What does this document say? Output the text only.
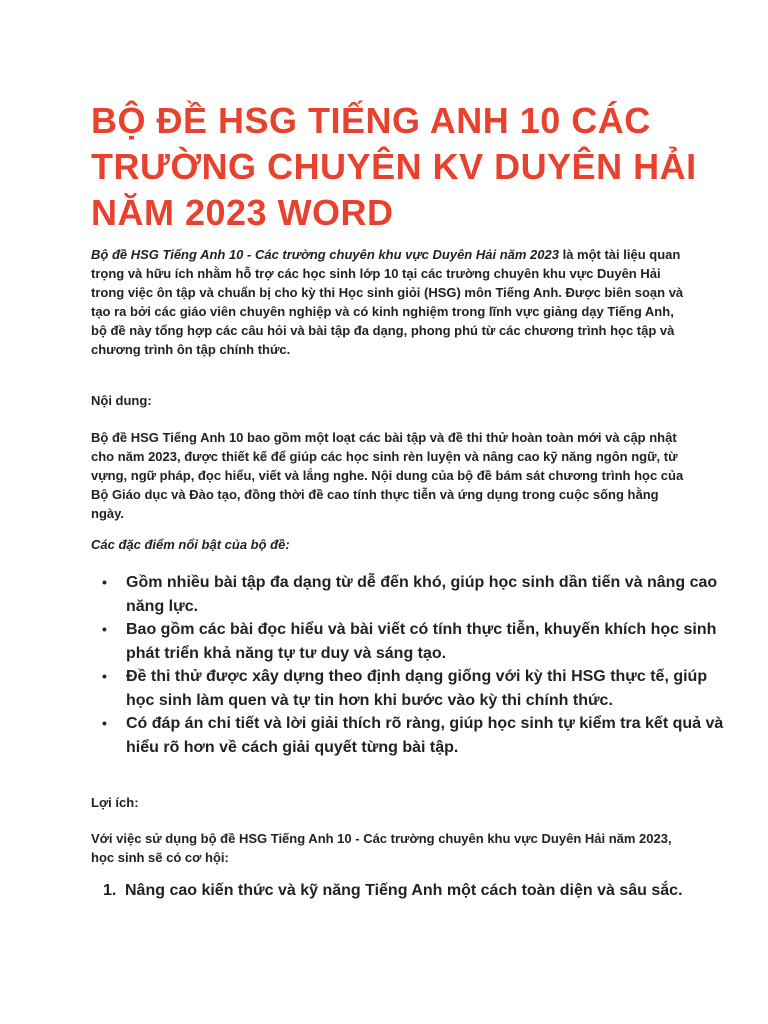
BỘ ĐỀ HSG TIẾNG ANH 10 CÁC TRƯỜNG CHUYÊN KV DUYÊN HẢI NĂM 2023 WORD

Bộ đề HSG Tiếng Anh 10 - Các trường chuyên khu vực Duyên Hải năm 2023 là một tài liệu quan trọng và hữu ích nhằm hỗ trợ các học sinh lớp 10 tại các trường chuyên khu vực Duyên Hải trong việc ôn tập và chuẩn bị cho kỳ thi Học sinh giỏi (HSG) môn Tiếng Anh. Được biên soạn và tạo ra bởi các giáo viên chuyên nghiệp và có kinh nghiệm trong lĩnh vực giảng dạy Tiếng Anh, bộ đề này tổng hợp các câu hỏi và bài tập đa dạng, phong phú từ các chương trình học tập và chương trình ôn tập chính thức.

Nội dung:

Bộ đề HSG Tiếng Anh 10 bao gồm một loạt các bài tập và đề thi thử hoàn toàn mới và cập nhật cho năm 2023, được thiết kế để giúp các học sinh rèn luyện và nâng cao kỹ năng ngôn ngữ, từ vựng, ngữ pháp, đọc hiểu, viết và lắng nghe. Nội dung của bộ đề bám sát chương trình học của Bộ Giáo dục và Đào tạo, đồng thời đề cao tính thực tiễn và ứng dụng trong cuộc sống hằng ngày.

Các đặc điểm nổi bật của bộ đề:

• Gồm nhiều bài tập đa dạng từ dễ đến khó, giúp học sinh dần tiến và nâng cao năng lực.
• Bao gồm các bài đọc hiểu và bài viết có tính thực tiễn, khuyến khích học sinh phát triển khả năng tự tư duy và sáng tạo.
• Đề thi thử được xây dựng theo định dạng giống với kỳ thi HSG thực tế, giúp học sinh làm quen và tự tin hơn khi bước vào kỳ thi chính thức.
• Có đáp án chi tiết và lời giải thích rõ ràng, giúp học sinh tự kiểm tra kết quả và hiểu rõ hơn về cách giải quyết từng bài tập.

Lợi ích:

Với việc sử dụng bộ đề HSG Tiếng Anh 10 - Các trường chuyên khu vực Duyên Hải năm 2023, học sinh sẽ có cơ hội:

1. Nâng cao kiến thức và kỹ năng Tiếng Anh một cách toàn diện và sâu sắc.
